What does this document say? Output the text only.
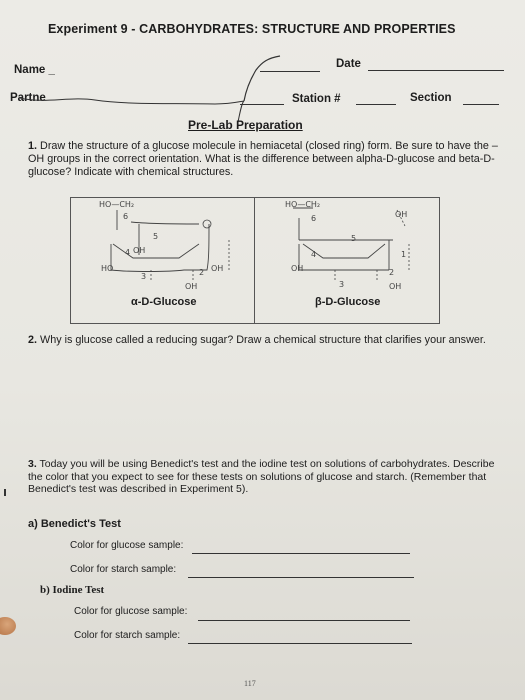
Experiment 9 - CARBOHYDRATES: STRUCTURE AND PROPERTIES
Name _	Date
Partne	Station #	Section
Pre-Lab Preparation
1. Draw the structure of a glucose molecule in hemiacetal (closed ring) form. Be sure to have the –OH groups in the correct orientation. What is the difference between alpha-D-glucose and beta-D-glucose? Indicate with chemical structures.
HO—CH₂
6
5
4 OH
HO
3	2 OH
OH
HO—CH₂
6	OH
5
4
OH
3
2
OH
1
α-D-Glucose	β-D-Glucose
2. Why is glucose called a reducing sugar? Draw a chemical structure that clarifies your answer.
3. Today you will be using Benedict's test and the iodine test on solutions of carbohydrates. Describe the color that you expect to see for these tests on solutions of glucose and starch. (Remember that Benedict's test was described in Experiment 5).
a) Benedict's Test
Color for glucose sample:
Color for starch sample:
b) Iodine Test
Color for glucose sample:
Color for starch sample:
117
